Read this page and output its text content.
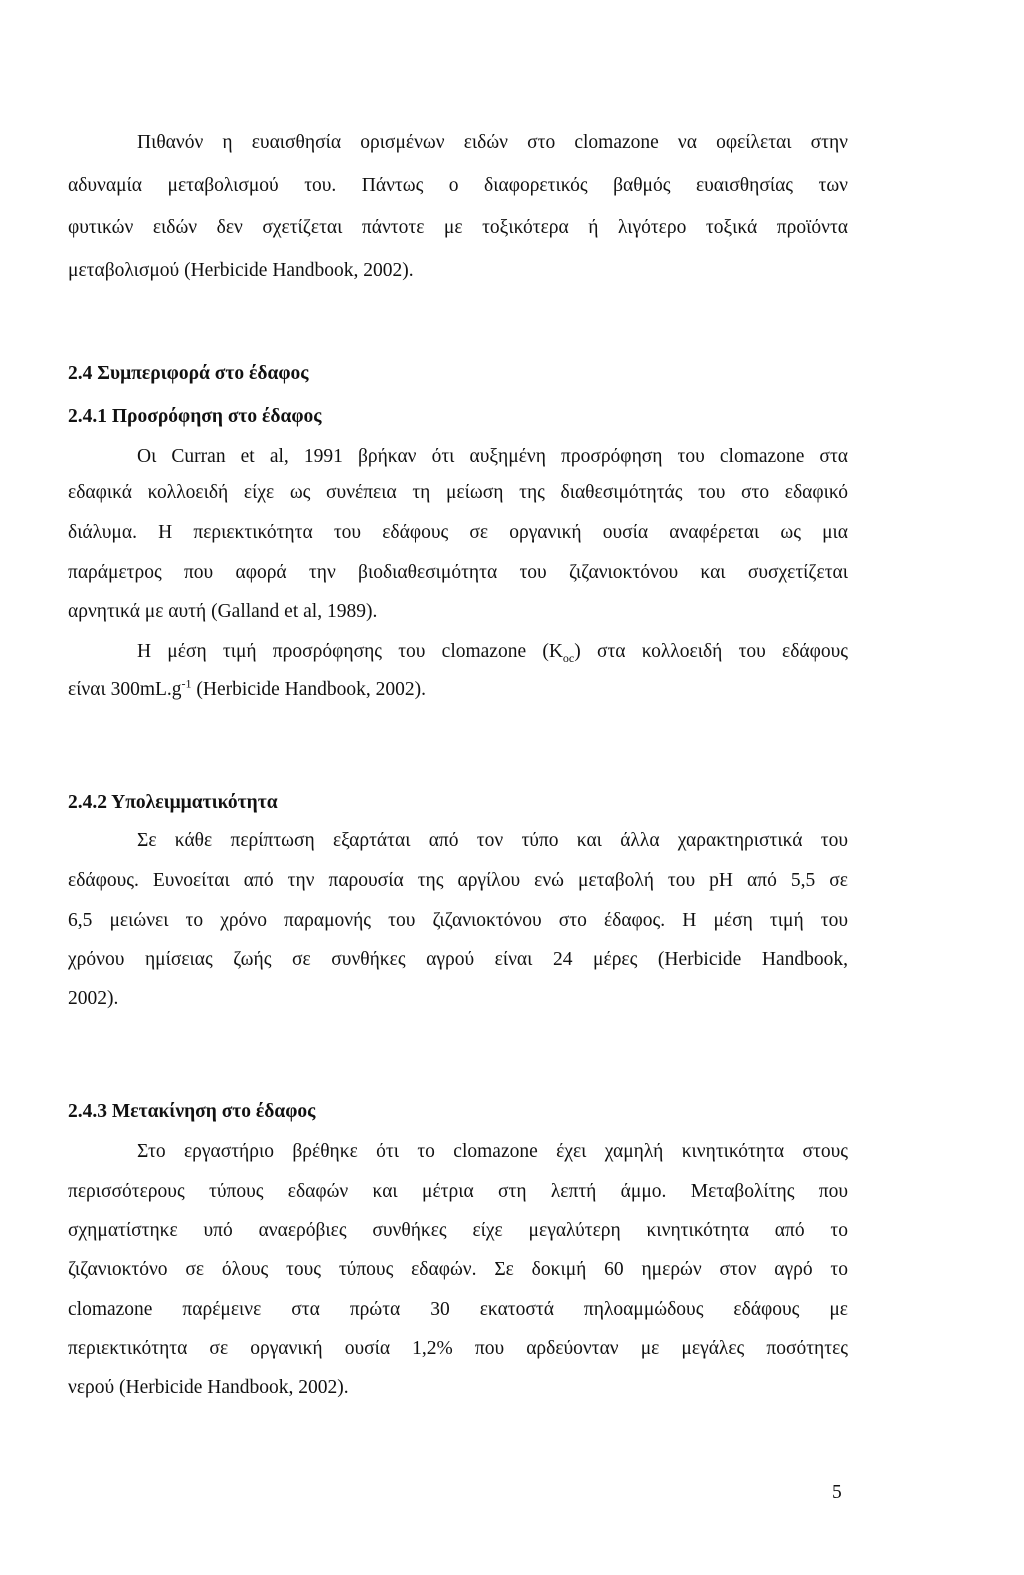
Πιθανόν η ευαισθησία ορισμένων ειδών στο clomazone να οφείλεται στην
αδυναμία μεταβολισμού του. Πάντως ο διαφορετικός βαθμός ευαισθησίας των
φυτικών ειδών δεν σχετίζεται πάντοτε με τοξικότερα ή λιγότερο τοξικά προϊόντα
μεταβολισμού (Herbicide Handbook, 2002).
2.4 Συμπεριφορά στο έδαφος
2.4.1 Προσρόφηση στο έδαφος
Οι Curran et al, 1991 βρήκαν ότι αυξημένη προσρόφηση του clomazone στα
εδαφικά κολλοειδή είχε ως συνέπεια τη μείωση της διαθεσιμότητάς του στο εδαφικό
διάλυμα. Η περιεκτικότητα του εδάφους σε οργανική ουσία αναφέρεται ως μια
παράμετρος που αφορά την βιοδιαθεσιμότητα του ζιζανιοκτόνου και συσχετίζεται
αρνητικά με αυτή (Galland et al, 1989).
Η μέση τιμή προσρόφησης του clomazone $(K_{oc})$ στα κολλοειδή του εδάφους
είναι $300mL.g^{-1}$ (Herbicide Handbook, 2002).
2.4.2 Υπολειμματικότητα
Σε κάθε περίπτωση εξαρτάται από τον τύπο και άλλα χαρακτηριστικά του
εδάφους. Ευνοείται από την παρουσία της αργίλου ενώ μεταβολή του pH από 5,5 σε
6,5 μειώνει το χρόνο παραμονής του ζιζανιοκτόνου στο έδαφος. Η μέση τιμή του
χρόνου ημίσειας ζωής σε συνθήκες αγρού είναι 24 μέρες (Herbicide Handbook,
2002).
2.4.3 Μετακίνηση στο έδαφος
Στο εργαστήριο βρέθηκε ότι το clomazone έχει χαμηλή κινητικότητα στους
περισσότερους τύπους εδαφών και μέτρια στη λεπτή άμμο. Μεταβολίτης που
σχηματίστηκε υπό αναερόβιες συνθήκες είχε μεγαλύτερη κινητικότητα από το
ζιζανιοκτόνο σε όλους τους τύπους εδαφών. Σε δοκιμή 60 ημερών στον αγρό το
clomazone παρέμεινε στα πρώτα 30 εκατοστά πηλοαμμώδους εδάφους με
περιεκτικότητα σε οργανική ουσία 1,2% που αρδεύονταν με μεγάλες ποσότητες
νερού (Herbicide Handbook, 2002).
5
